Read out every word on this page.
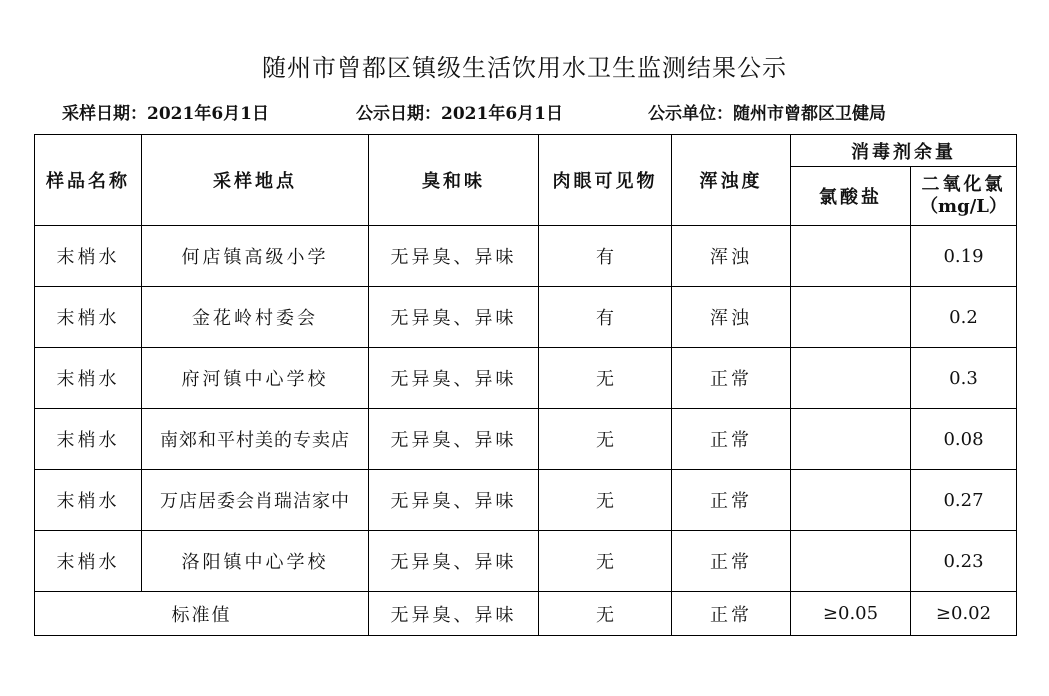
随州市曾都区镇级生活饮用水卫生监测结果公示
采样日期：2021年6月1日	公示日期：2021年6月1日	公示单位：随州市曾都区卫健局
样品名称	采样地点	臭和味	肉眼可见物	浑浊度	消毒剂余量	
					氯酸盐	二氧化氯
（mg/L）

末梢水	何店镇高级小学	无异臭、异味	有	浑浊		0.19
末梢水	金花岭村委会	无异臭、异味	有	浑浊		0.2
末梢水	府河镇中心学校	无异臭、异味	无	正常		0.3
末梢水	南郊和平村美的专卖店	无异臭、异味	无	正常		0.08
末梢水	万店居委会肖瑞洁家中	无异臭、异味	无	正常		0.27
末梢水	洛阳镇中心学校	无异臭、异味	无	正常		0.23
标准值		无异臭、异味	无	正常	≥0.05	≥0.02
